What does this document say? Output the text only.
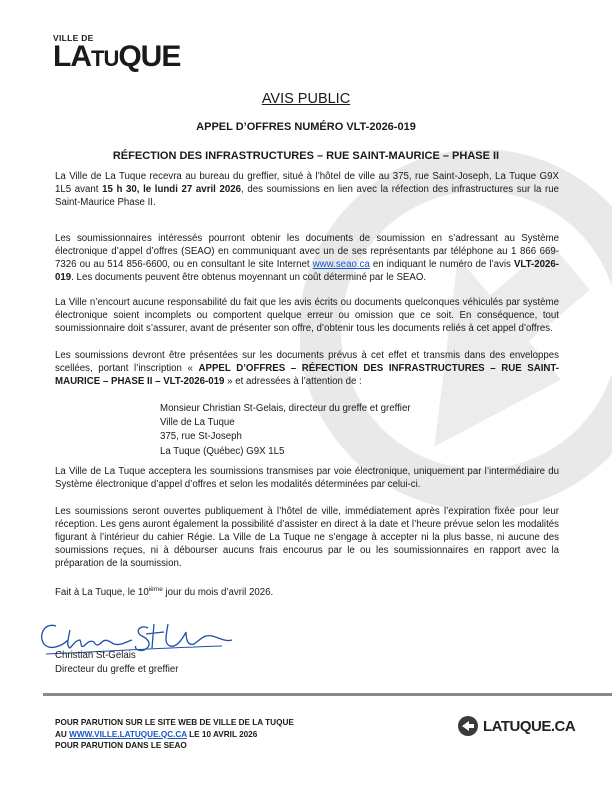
VILLE DE
LATUQUE
AVIS PUBLIC
APPEL D’OFFRES NUMÉRO VLT-2026-019
RÉFECTION DES INFRASTRUCTURES – RUE SAINT-MAURICE – PHASE II
La Ville de La Tuque recevra au bureau du greffier, situé à l’hôtel de ville au 375, rue Saint-Joseph, La Tuque G9X 1L5 avant 15 h 30, le lundi 27 avril 2026, des soumissions en lien avec la réfection des infrastructures sur la rue Saint-Maurice Phase II.
Les soumissionnaires intéressés pourront obtenir les documents de soumission en s’adressant au Système électronique d’appel d’offres (SEAO) en communiquant avec un de ses représentants par téléphone au 1 866 669-7326 ou au 514 856-6600, ou en consultant le site Internet www.seao.ca en indiquant le numéro de l’avis VLT-2026-019. Les documents peuvent être obtenus moyennant un coût déterminé par le SEAO.
La Ville n’encourt aucune responsabilité du fait que les avis écrits ou documents quelconques véhiculés par système électronique soient incomplets ou comportent quelque erreur ou omission que ce soit. En conséquence, tout soumissionnaire doit s’assurer, avant de présenter son offre, d’obtenir tous les documents reliés à cet appel d’offres.
Les soumissions devront être présentées sur les documents prévus à cet effet et transmis dans des enveloppes scellées, portant l’inscription « APPEL D’OFFRES – RÉFECTION DES INFRASTRUCTURES – RUE SAINT-MAURICE – PHASE II – VLT-2026-019 » et adressées à l’attention de :
Monsieur Christian St-Gelais, directeur du greffe et greffier
Ville de La Tuque
375, rue St-Joseph
La Tuque (Québec) G9X 1L5
La Ville de La Tuque acceptera les soumissions transmises par voie électronique, uniquement par l’intermédiaire du Système électronique d’appel d’offres et selon les modalités déterminées par celui-ci.
Les soumissions seront ouvertes publiquement à l’hôtel de ville, immédiatement après l’expiration fixée pour leur réception. Les gens auront également la possibilité d’assister en direct à la date et l’heure prévue selon les modalités figurant à l’intérieur du cahier Régie. La Ville de La Tuque ne s’engage à accepter ni la plus basse, ni aucune des soumissions reçues, ni à débourser aucuns frais encourus par le ou les soumissionnaires en rapport avec la préparation de la soumission.
Fait à La Tuque, le 10ième jour du mois d’avril 2026.
Christian St-Gelais
Directeur du greffe et greffier
POUR PARUTION SUR LE SITE WEB DE VILLE DE LA TUQUE
AU WWW.VILLE.LATUQUE.QC.CA LE 10 AVRIL 2026
POUR PARUTION DANS LE SEAO
LATUQUE.CA
